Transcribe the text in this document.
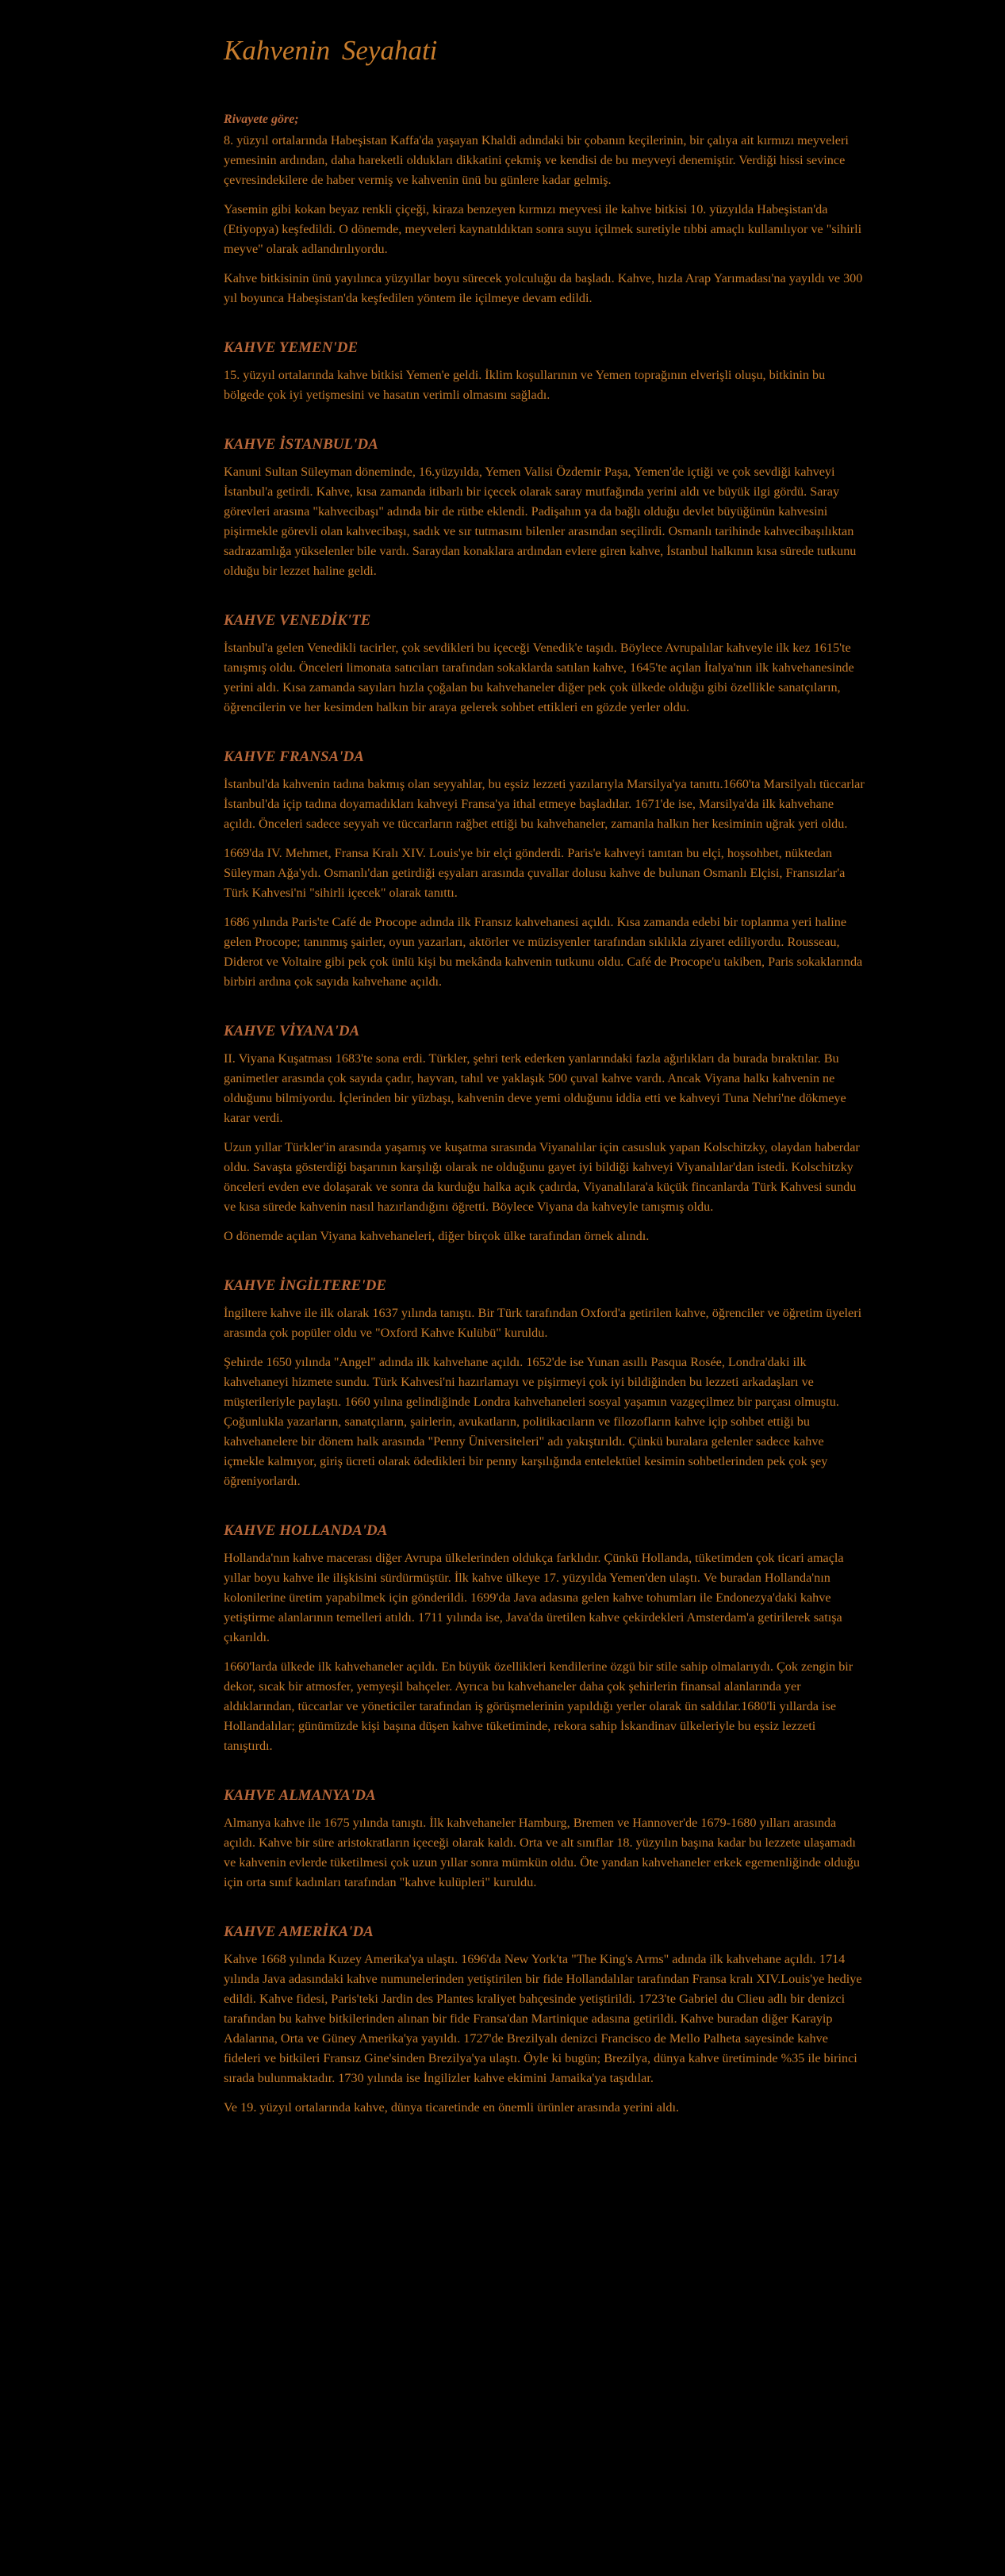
Kahvenin Seyahati
Rivayete göre;

8. yüzyıl ortalarında Habeşistan Kaffa'da yaşayan Khaldi adındaki bir çobanın keçilerinin, bir çalıya ait kırmızı meyveleri yemesinin ardından, daha hareketli oldukları dikkatini çekmiş ve kendisi de bu meyveyi denemiştir. Verdiği hissi sevince çevresindekilere de haber vermiş ve kahvenin ünü bu günlere kadar gelmiş.

Yasemin gibi kokan beyaz renkli çiçeği, kiraza benzeyen kırmızı meyvesi ile kahve bitkisi 10. yüzyılda Habeşistan'da (Etiyopya) keşfedildi. O dönemde, meyveleri kaynatıldıktan sonra suyu içilmek suretiyle tıbbi amaçlı kullanılıyor ve "sihirli meyve" olarak adlandırılıyordu.

Kahve bitkisinin ünü yayılınca yüzyıllar boyu sürecek yolculuğu da başladı. Kahve, hızla Arap Yarımadası'na yayıldı ve 300 yıl boyunca Habeşistan'da keşfedilen yöntem ile içilmeye devam edildi.

KAHVE YEMEN'DE

15. yüzyıl ortalarında kahve bitkisi Yemen'e geldi. İklim koşullarının ve Yemen toprağının elverişli oluşu, bitkinin bu bölgede çok iyi yetişmesini ve hasatın verimli olmasını sağladı.

KAHVE İSTANBUL'DA

Kanuni Sultan Süleyman döneminde, 16.yüzyılda, Yemen Valisi Özdemir Paşa, Yemen'de içtiği ve çok sevdiği kahveyi İstanbul'a getirdi. Kahve, kısa zamanda itibarlı bir içecek olarak saray mutfağında yerini aldı ve büyük ilgi gördü. Saray görevleri arasına "kahvecibaşı" adında bir de rütbe eklendi. Padişahın ya da bağlı olduğu devlet büyüğünün kahvesini pişirmekle görevli olan kahvecibaşı, sadık ve sır tutmasını bilenler arasından seçilirdi. Osmanlı tarihinde kahvecibaşılıktan sadrazamlığa yükselenler bile vardı. Saraydan konaklara ardından evlere giren kahve, İstanbul halkının kısa sürede tutkunu olduğu bir lezzet haline geldi.

KAHVE VENEDİK'TE

İstanbul'a gelen Venedikli tacirler, çok sevdikleri bu içeceği Venedik'e taşıdı. Böylece Avrupalılar kahveyle ilk kez 1615'te tanışmış oldu. Önceleri limonata satıcıları tarafından sokaklarda satılan kahve, 1645'te açılan İtalya'nın ilk kahvehanesinde yerini aldı. Kısa zamanda sayıları hızla çoğalan bu kahvehaneler diğer pek çok ülkede olduğu gibi özellikle sanatçıların, öğrencilerin ve her kesimden halkın bir araya gelerek sohbet ettikleri en gözde yerler oldu.

KAHVE FRANSA'DA

İstanbul'da kahvenin tadına bakmış olan seyyahlar, bu eşsiz lezzeti yazılarıyla Marsilya'ya tanıttı.1660'ta Marsilyalı tüccarlar İstanbul'da içip tadına doyamadıkları kahveyi Fransa'ya ithal etmeye başladılar. 1671'de ise, Marsilya'da ilk kahvehane açıldı. Önceleri sadece seyyah ve tüccarların rağbet ettiği bu kahvehaneler, zamanla halkın her kesiminin uğrak yeri oldu.

1669'da IV. Mehmet, Fransa Kralı XIV. Louis'ye bir elçi gönderdi. Paris'e kahveyi tanıtan bu elçi, hoşsohbet, nüktedan Süleyman Ağa'ydı. Osmanlı'dan getirdiği eşyaları arasında çuvallar dolusu kahve de bulunan Osmanlı Elçisi, Fransızlar'a Türk Kahvesi'ni "sihirli içecek" olarak tanıttı.

1686 yılında Paris'te Café de Procope adında ilk Fransız kahvehanesi açıldı. Kısa zamanda edebi bir toplanma yeri haline gelen Procope; tanınmış şairler, oyun yazarları, aktörler ve müzisyenler tarafından sıklıkla ziyaret ediliyordu. Rousseau, Diderot ve Voltaire gibi pek çok ünlü kişi bu mekânda kahvenin tutkunu oldu. Café de Procope'u takiben, Paris sokaklarında birbiri ardına çok sayıda kahvehane açıldı.

KAHVE VİYANA'DA

II. Viyana Kuşatması 1683'te sona erdi. Türkler, şehri terk ederken yanlarındaki fazla ağırlıkları da burada bıraktılar. Bu ganimetler arasında çok sayıda çadır, hayvan, tahıl ve yaklaşık 500 çuval kahve vardı. Ancak Viyana halkı kahvenin ne olduğunu bilmiyordu. İçlerinden bir yüzbaşı, kahvenin deve yemi olduğunu iddia etti ve kahveyi Tuna Nehri'ne dökmeye karar verdi.

Uzun yıllar Türkler'in arasında yaşamış ve kuşatma sırasında Viyanalılar için casusluk yapan Kolschitzky, olaydan haberdar oldu. Savaşta gösterdiği başarının karşılığı olarak ne olduğunu gayet iyi bildiği kahveyi Viyanalılar'dan istedi. Kolschitzky önceleri evden eve dolaşarak ve sonra da kurduğu halka açık çadırda, Viyanalılara'a küçük fincanlarda Türk Kahvesi sundu ve kısa sürede kahvenin nasıl hazırlandığını öğretti. Böylece Viyana da kahveyle tanışmış oldu.

O dönemde açılan Viyana kahvehaneleri, diğer birçok ülke tarafından örnek alındı.

KAHVE İNGİLTERE'DE

İngiltere kahve ile ilk olarak 1637 yılında tanıştı. Bir Türk tarafından Oxford'a getirilen kahve, öğrenciler ve öğretim üyeleri arasında çok popüler oldu ve "Oxford Kahve Kulübü" kuruldu.

Şehirde 1650 yılında "Angel" adında ilk kahvehane açıldı. 1652'de ise Yunan asıllı Pasqua Rosée, Londra'daki ilk kahvehaneyi hizmete sundu. Türk Kahvesi'ni hazırlamayı ve pişirmeyi çok iyi bildiğinden bu lezzeti arkadaşları ve müşterileriyle paylaştı. 1660 yılına gelindiğinde Londra kahvehaneleri sosyal yaşamın vazgeçilmez bir parçası olmuştu. Çoğunlukla yazarların, sanatçıların, şairlerin, avukatların, politikacıların ve filozofların kahve içip sohbet ettiği bu kahvehanelere bir dönem halk arasında "Penny Üniversiteleri" adı yakıştırıldı. Çünkü buralara gelenler sadece kahve içmekle kalmıyor, giriş ücreti olarak ödedikleri bir penny karşılığında entelektüel kesimin sohbetlerinden pek çok şey öğreniyorlardı.

KAHVE HOLLANDA'DA

Hollanda'nın kahve macerası diğer Avrupa ülkelerinden oldukça farklıdır. Çünkü Hollanda, tüketimden çok ticari amaçla yıllar boyu kahve ile ilişkisini sürdürmüştür. İlk kahve ülkeye 17. yüzyılda Yemen'den ulaştı. Ve buradan Hollanda'nın kolonilerine üretim yapabilmek için gönderildi. 1699'da Java adasına gelen kahve tohumları ile Endonezya'daki kahve yetiştirme alanlarının temelleri atıldı. 1711 yılında ise, Java'da üretilen kahve çekirdekleri Amsterdam'a getirilerek satışa çıkarıldı.

1660'larda ülkede ilk kahvehaneler açıldı. En büyük özellikleri kendilerine özgü bir stile sahip olmalarıydı. Çok zengin bir dekor, sıcak bir atmosfer, yemyeşil bahçeler. Ayrıca bu kahvehaneler daha çok şehirlerin finansal alanlarında yer aldıklarından, tüccarlar ve yöneticiler tarafından iş görüşmelerinin yapıldığı yerler olarak ün saldılar.1680'li yıllarda ise Hollandalılar; günümüzde kişi başına düşen kahve tüketiminde, rekora sahip İskandinav ülkeleriyle bu eşsiz lezzeti tanıştırdı.

KAHVE ALMANYA'DA

Almanya kahve ile 1675 yılında tanıştı. İlk kahvehaneler Hamburg, Bremen ve Hannover'de 1679-1680 yılları arasında açıldı. Kahve bir süre aristokratların içeceği olarak kaldı. Orta ve alt sınıflar 18. yüzyılın başına kadar bu lezzete ulaşamadı ve kahvenin evlerde tüketilmesi çok uzun yıllar sonra mümkün oldu. Öte yandan kahvehaneler erkek egemenliğinde olduğu için orta sınıf kadınları tarafından "kahve kulüpleri" kuruldu.

KAHVE AMERİKA'DA

Kahve 1668 yılında Kuzey Amerika'ya ulaştı. 1696'da New York'ta "The King's Arms" adında ilk kahvehane açıldı. 1714 yılında Java adasındaki kahve numunelerinden yetiştirilen bir fide Hollandalılar tarafından Fransa kralı XIV.Louis'ye hediye edildi. Kahve fidesi, Paris'teki Jardin des Plantes kraliyet bahçesinde yetiştirildi. 1723'te Gabriel du Clieu adlı bir denizci tarafından bu kahve bitkilerinden alınan bir fide Fransa'dan Martinique adasına getirildi. Kahve buradan diğer Karayip Adalarına, Orta ve Güney Amerika'ya yayıldı. 1727'de Brezilyalı denizci Francisco de Mello Palheta sayesinde kahve fideleri ve bitkileri Fransız Gine'sinden Brezilya'ya ulaştı. Öyle ki bugün; Brezilya, dünya kahve üretiminde %35 ile birinci sırada bulunmaktadır. 1730 yılında ise İngilizler kahve ekimini Jamaika'ya taşıdılar.

Ve 19. yüzyıl ortalarında kahve, dünya ticaretinde en önemli ürünler arasında yerini aldı.
